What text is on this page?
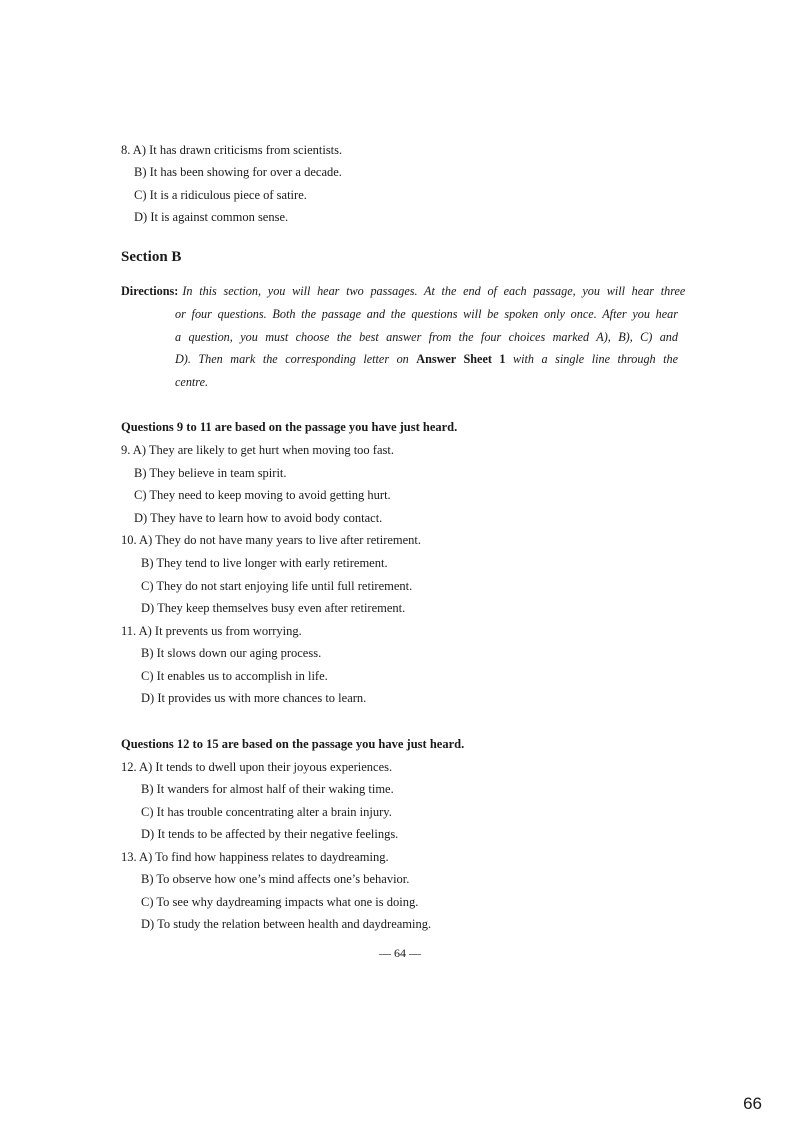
8. A) It has drawn criticisms from scientists.
B) It has been showing for over a decade.
C) It is a ridiculous piece of satire.
D) It is against common sense.
Section B
Directions: In this section, you will hear two passages. At the end of each passage, you will hear three
or four questions. Both the passage and the questions will be spoken only once. After you hear
a question, you must choose the best answer from the four choices marked A), B), C) and
D). Then mark the corresponding letter on Answer Sheet 1 with a single line through the
centre.
Questions 9 to 11 are based on the passage you have just heard.
9. A) They are likely to get hurt when moving too fast.
B) They believe in team spirit.
C) They need to keep moving to avoid getting hurt.
D) They have to learn how to avoid body contact.
10. A) They do not have many years to live after retirement.
B) They tend to live longer with early retirement.
C) They do not start enjoying life until full retirement.
D) They keep themselves busy even after retirement.
11. A) It prevents us from worrying.
B) It slows down our aging process.
C) It enables us to accomplish in life.
D) It provides us with more chances to learn.
Questions 12 to 15 are based on the passage you have just heard.
12. A) It tends to dwell upon their joyous experiences.
B) It wanders for almost half of their waking time.
C) It has trouble concentrating alter a brain injury.
D) It tends to be affected by their negative feelings.
13. A) To find how happiness relates to daydreaming.
B) To observe how one’s mind affects one’s behavior.
C) To see why daydreaming impacts what one is doing.
D) To study the relation between health and daydreaming.
— 64 —
66
